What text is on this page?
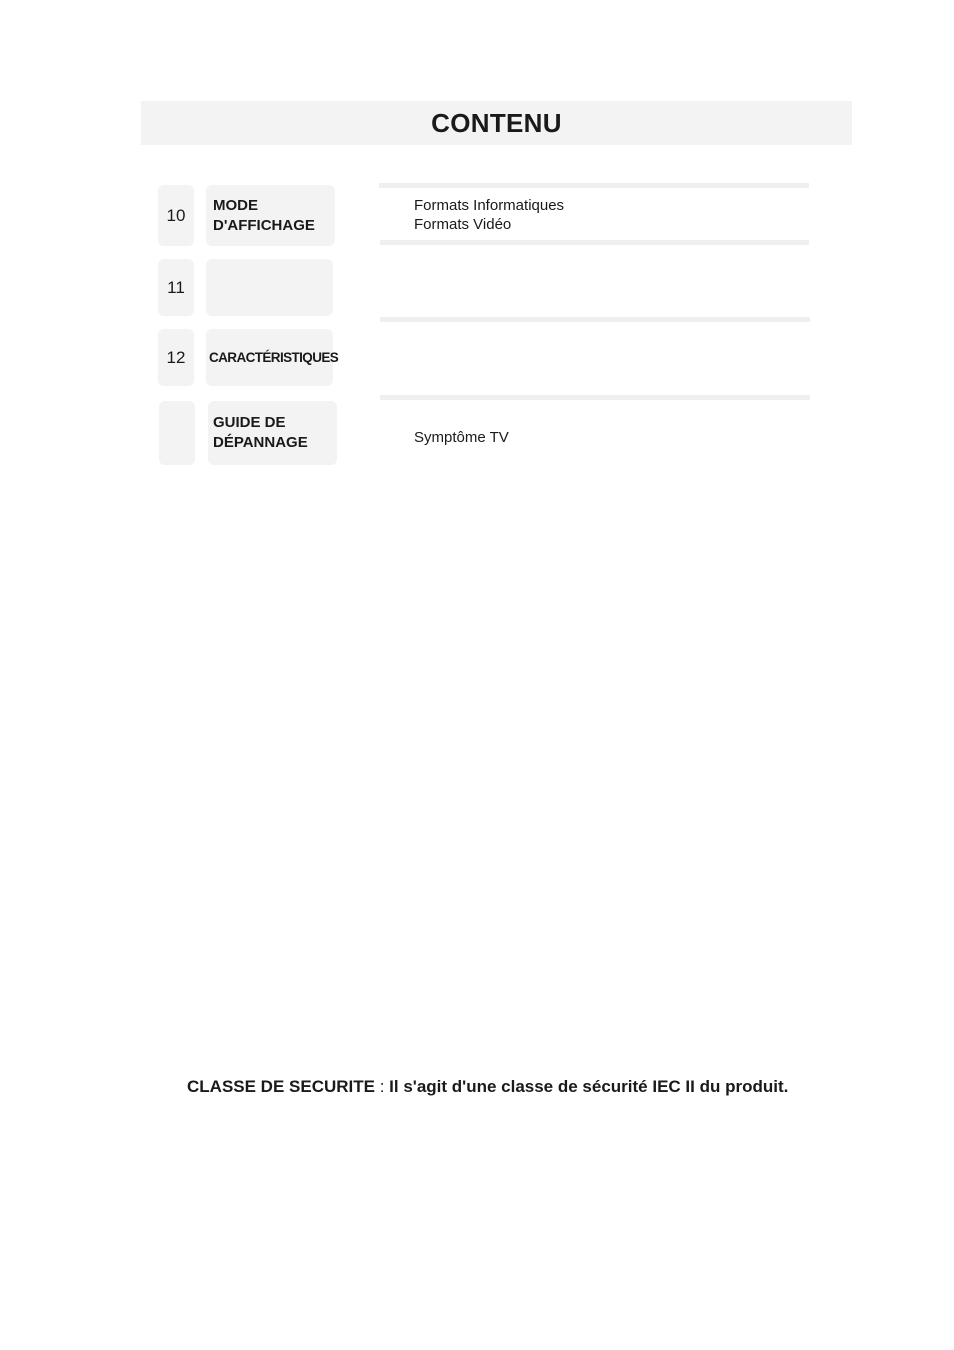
CONTENU
10
MODE
D'AFFICHAGE
Formats Informatiques
Formats Vidéo
11
12 CARACTÉRISTIQUES
GUIDE DE
DÉPANNAGE	Symptôme TV
CLASSE DE SECURITE : Il s'agit d'une classe de sécurité IEC II du produit.
